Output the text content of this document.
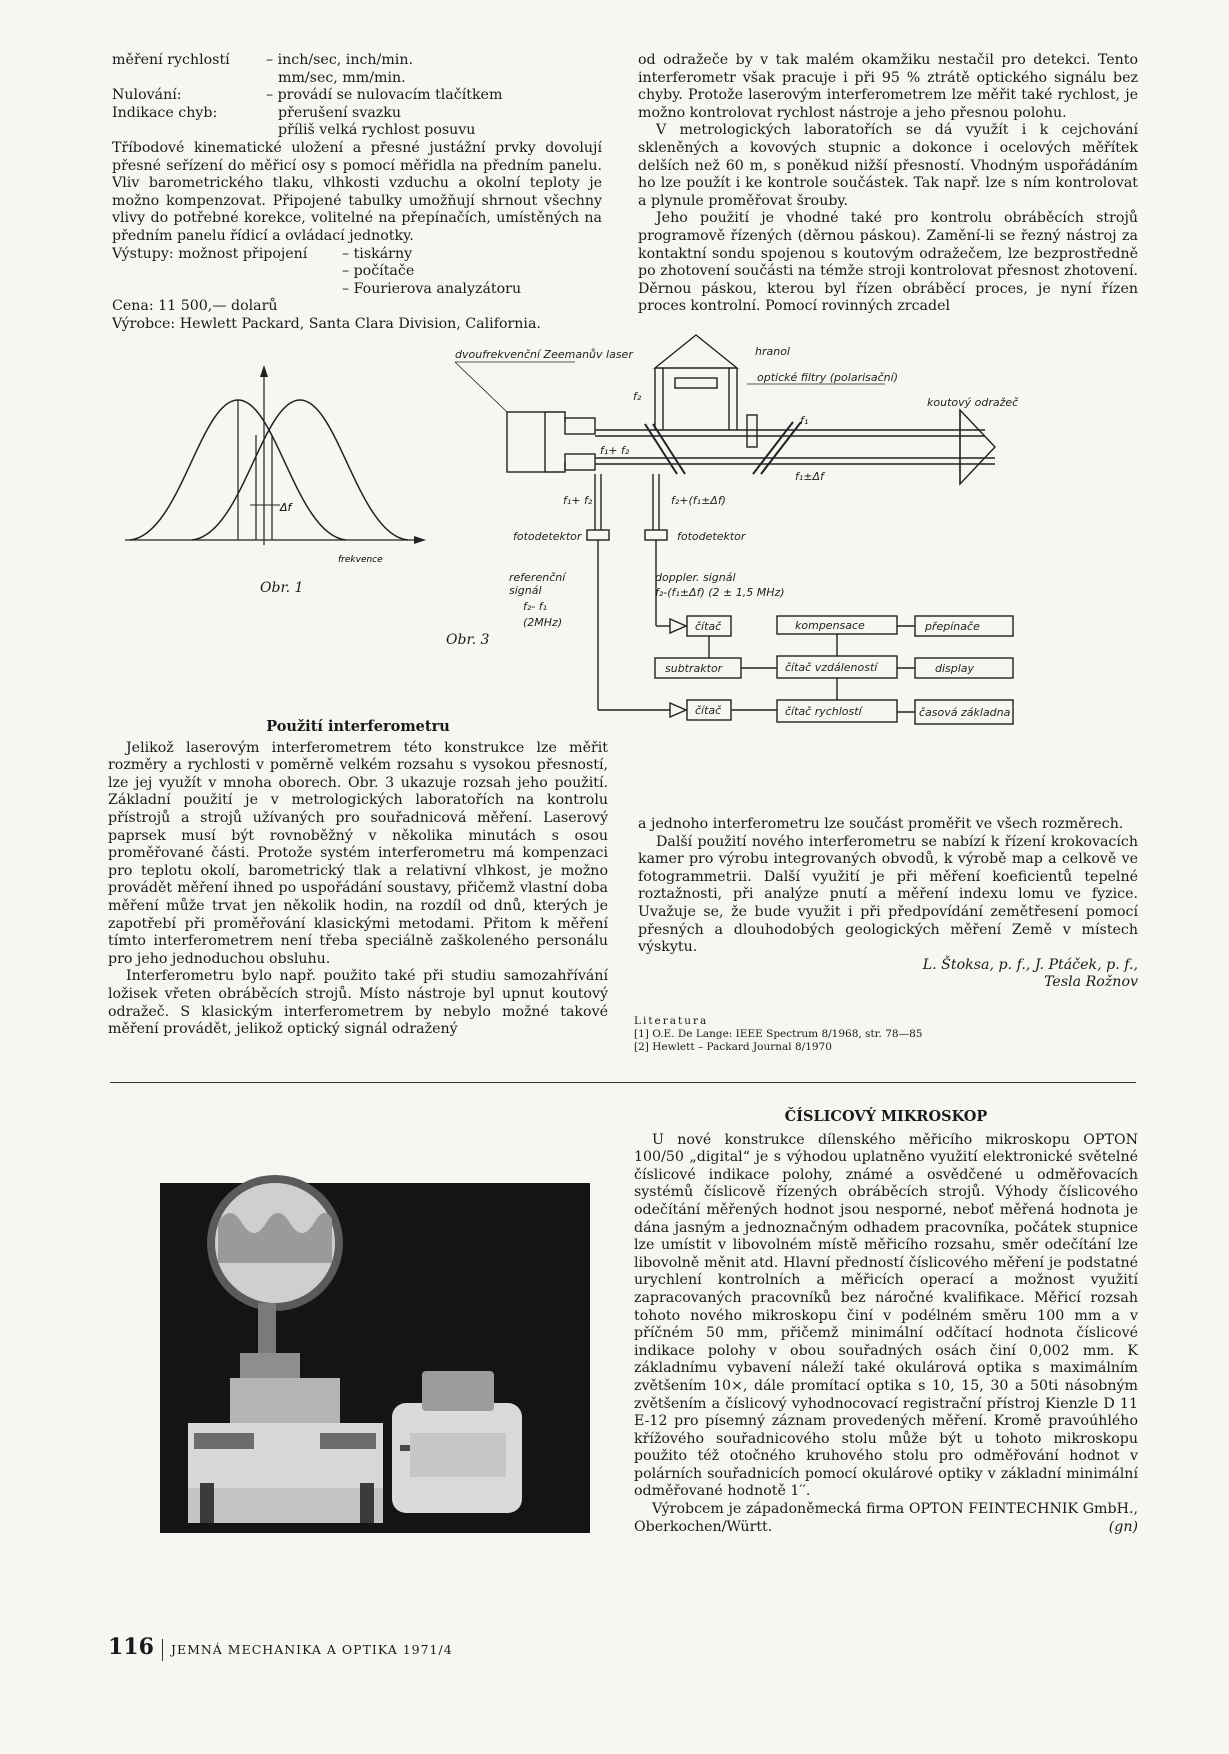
měření rychlostí	– inch/sec, inch/min.
mm/sec, mm/min.
Nulování:	– provádí se nulovacím tlačítkem
Indikace chyb:	přerušení svazku
příliš velká rychlost posuvu

Tříbodové kinematické uložení a přesné justážní prvky dovolují přesné seřízení do měřicí osy s pomocí měřidla na předním panelu. Vliv barometrického tlaku, vlhkosti vzduchu a okolní teploty je možno kompenzovat. Připojené tabulky umožňují shrnout všechny vlivy do potřebné korekce, volitelné na přepínačích, umístěných na předním panelu řídicí a ovládací jednotky.

Výstupy: možnost připojení	– tiskárny
– počítače
– Fourierova analyzátoru
Cena: 11 500,— dolarů
Výrobce: Hewlett Packard, Santa Clara Division, California.

od odražeče by v tak malém okamžiku nestačil pro detekci. Tento interferometr však pracuje i při 95 % ztrátě optického signálu bez chyby. Protože laserovým interferometrem lze měřit také rychlost, je možno kontrolovat rychlost nástroje a jeho přesnou polohu.

V metrologických laboratořích se dá využít i k cejchování skleněných a kovových stupnic a dokonce i ocelových měřítek delších než 60 m, s poněkud nižší přesností. Vhodným uspořádáním ho lze použít i ke kontrole součástek. Tak např. lze s ním kontrolovat a plynule proměřovat šrouby.

Jeho použití je vhodné také pro kontrolu obráběcích strojů programově řízených (děrnou páskou). Zamění-li se řezný nástroj za kontaktní sondu spojenou s koutovým odražečem, lze bezprostředně po zhotovení součásti na témže stroji kontrolovat přesnost zhotovení. Děrnou páskou, kterou byl řízen obráběcí proces, je nyní řízen proces kontrolní. Pomocí rovinných zrcadel

Δf
frekvence
Obr. 1
dvoufrekvenční Zeemanův laser	hranol
optické filtry (polarisační)
koutový odražeč
f₂
f₁
f₁±Δf
f₁+ f₂
f₁+ f₂	f₂+(f₁±Δf)
fotodetektor	fotodetektor
referenční
signál
f₂- f₁
(2MHz)
doppler. signál
f₂-(f₁±Δf) (2 ± 1,5 MHz)
čítač
čítač
subtraktor
kompensace
čítač vzdáleností
čítač rychlostí
přepínače
display
časová základna
Obr. 3
Použití interferometru

Jelikož laserovým interferometrem této konstrukce lze měřit rozměry a rychlosti v poměrně velkém rozsahu s vysokou přesností, lze jej využít v mnoha oborech. Obr. 3 ukazuje rozsah jeho použití. Základní použití je v metrologických laboratořích na kontrolu přístrojů a strojů užívaných pro souřadnicová měření. Laserový paprsek musí být rovnoběžný v několika minutách s osou proměřované části. Protože systém interferometru má kompenzaci pro teplotu okolí, barometrický tlak a relativní vlhkost, je možno provádět měření ihned po uspořádání soustavy, přičemž vlastní doba měření může trvat jen několik hodin, na rozdíl od dnů, kterých je zapotřebí při proměřování klasickými metodami. Přitom k měření tímto interferometrem není třeba speciálně zaškoleného personálu pro jeho jednoduchou obsluhu.

Interferometru bylo např. použito také při studiu samozahřívání ložisek vřeten obráběcích strojů. Místo nástroje byl upnut koutový odražeč. S klasickým interferometrem by nebylo možné takové měření provádět, jelikož optický signál odražený

a jednoho interferometru lze součást proměřit ve všech rozměrech.

Další použití nového interferometru se nabízí k řízení krokovacích kamer pro výrobu integrovaných obvodů, k výrobě map a celkově ve fotogrammetrii. Další využití je při měření koeficientů tepelné roztažnosti, při analýze pnutí a měření indexu lomu ve fyzice. Uvažuje se, že bude využit i při předpovídání zemětřesení pomocí přesných a dlouhodobých geologických měření Země v místech výskytu.

L. Štoksa, p. f., J. Ptáček, p. f.,
Tesla Rožnov
Literatura
[1] O.E. De Lange: IEEE Spectrum 8/1968, str. 78—85
[2] Hewlett – Packard Journal 8/1970
ČÍSLICOVÝ MIKROSKOP

U nové konstrukce dílenského měřicího mikroskopu OPTON 100/50 „digital“ je s výhodou uplatněno využití elektronické světelné číslicové indikace polohy, známé a osvědčené u odměřovacích systémů číslicově řízených obráběcích strojů. Výhody číslicového odečítání měřených hodnot jsou nesporné, neboť měřená hodnota je dána jasným a jednoznačným odhadem pracovníka, počátek stupnice lze umístit v libovolném místě měřicího rozsahu, směr odečítání lze libovolně měnit atd. Hlavní předností číslicového měření je podstatné urychlení kontrolních a měřicích operací a možnost využití zapracovaných pracovníků bez náročné kvalifikace. Měřicí rozsah tohoto nového mikroskopu činí v podélném směru 100 mm a v příčném 50 mm, přičemž minimální odčítací hodnota číslicové indikace polohy v obou souřadných osách činí 0,002 mm. K základnímu vybavení náleží také okulárová optika s maximálním zvětšením 10×, dále promítací optika s 10, 15, 30 a 50ti násobným zvětšením a číslicový vyhodnocovací registrační přístroj Kienzle D 11 E-12 pro písemný záznam provedených měření. Kromě pravoúhlého křížového souřadnicového stolu může být u tohoto mikroskopu použito též otočného kruhového stolu pro odměřování hodnot v polárních souřadnicích pomocí okulárové optiky v základní minimální odměřované hodnotě 1′′.

Výrobcem je západoněmecká firma OPTON FEINTECHNIK GmbH., Oberkochen/Württ.	(gn)

116 JEMNÁ MECHANIKA A OPTIKA 1971/4
